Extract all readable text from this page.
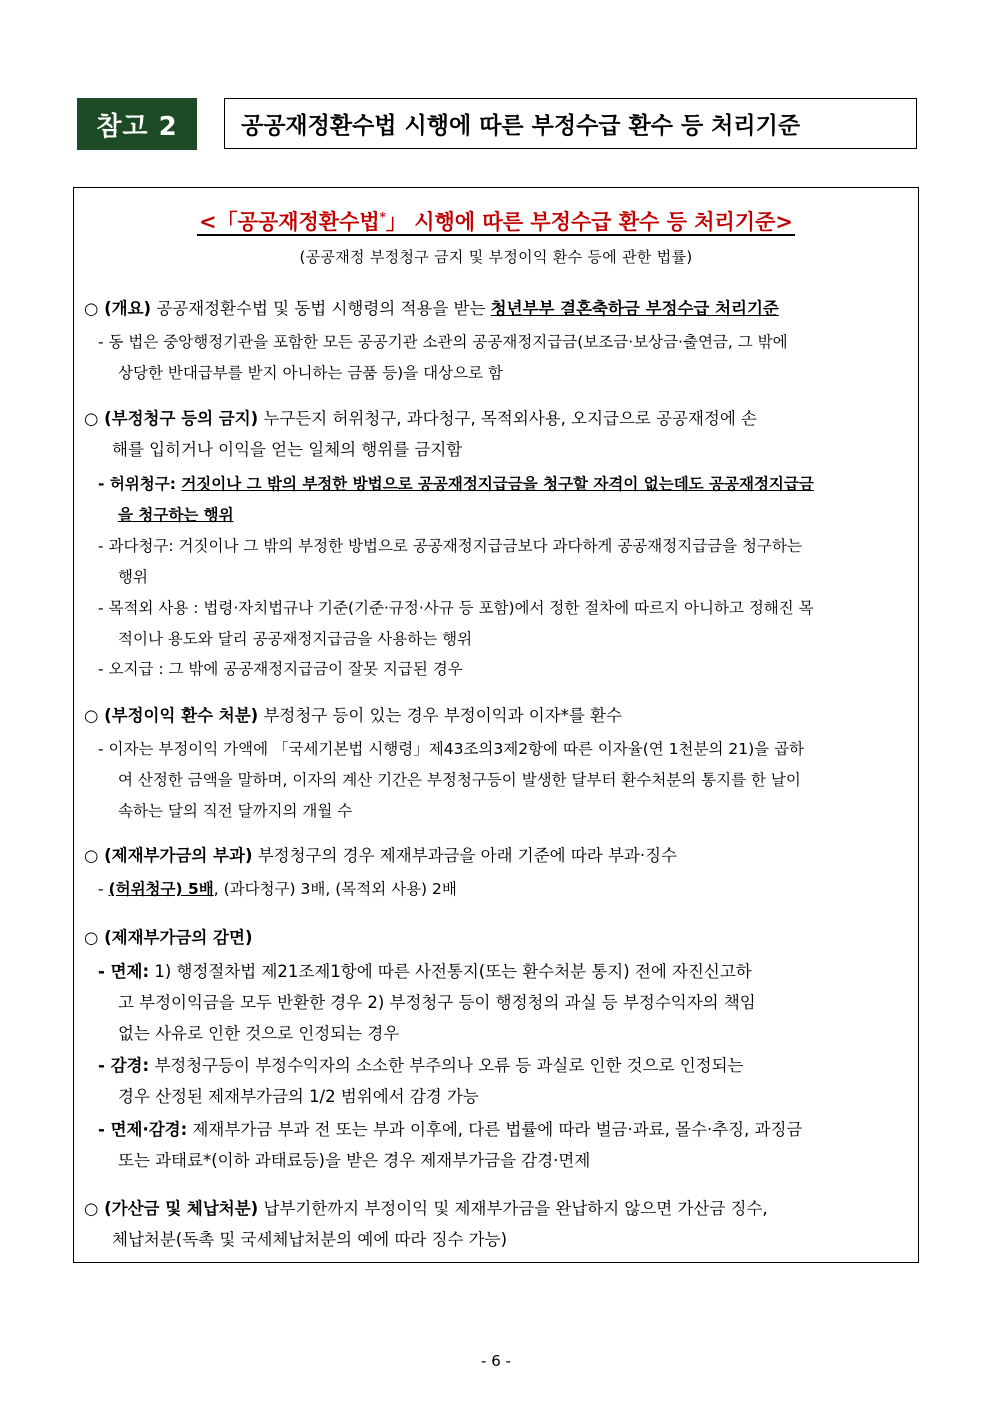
참고 2	공공재정환수법 시행에 따른 부정수급 환수 등 처리기준
<「공공재정환수법*」 시행에 따른 부정수급 환수 등 처리기준>
(공공재정 부정청구 금지 및 부정이익 환수 등에 관한 법률)
○ (개요) 공공재정환수법 및 동법 시행령의 적용을 받는 청년부부 결혼축하금 부정수급 처리기준
- 동 법은 중앙행정기관을 포함한 모든 공공기관 소관의 공공재정지급금(보조금·보상금·출연금, 그 밖에
상당한 반대급부를 받지 아니하는 금품 등)을 대상으로 함
○ (부정청구 등의 금지) 누구든지 허위청구, 과다청구, 목적외사용, 오지급으로 공공재정에 손
해를 입히거나 이익을 얻는 일체의 행위를 금지함
- 허위청구: 거짓이나 그 밖의 부정한 방법으로 공공재정지급금을 청구할 자격이 없는데도 공공재정지급금
을 청구하는 행위
- 과다청구: 거짓이나 그 밖의 부정한 방법으로 공공재정지급금보다 과다하게 공공재정지급금을 청구하는
행위
- 목적외 사용 : 법령·자치법규나 기준(기준·규정·사규 등 포함)에서 정한 절차에 따르지 아니하고 정해진 목
적이나 용도와 달리 공공재정지급금을 사용하는 행위
- 오지급 : 그 밖에 공공재정지급금이 잘못 지급된 경우
○ (부정이익 환수 처분) 부정청구 등이 있는 경우 부정이익과 이자*를 환수
- 이자는 부정이익 가액에 「국세기본법 시행령」제43조의3제2항에 따른 이자율(연 1천분의 21)을 곱하
여 산정한 금액을 말하며, 이자의 계산 기간은 부정청구등이 발생한 달부터 환수처분의 통지를 한 날이
속하는 달의 직전 달까지의 개월 수
○ (제재부가금의 부과) 부정청구의 경우 제재부과금을 아래 기준에 따라 부과·징수
- (허위청구) 5배, (과다청구) 3배, (목적외 사용) 2배
○ (제재부가금의 감면)
- 면제: 1) 행정절차법 제21조제1항에 따른 사전통지(또는 환수처분 통지) 전에 자진신고하
고 부정이익금을 모두 반환한 경우 2) 부정청구 등이 행정청의 과실 등 부정수익자의 책임
없는 사유로 인한 것으로 인정되는 경우
- 감경: 부정청구등이 부정수익자의 소소한 부주의나 오류 등 과실로 인한 것으로 인정되는
경우 산정된 제재부가금의 1/2 범위에서 감경 가능
- 면제·감경: 제재부가금 부과 전 또는 부과 이후에, 다른 법률에 따라 벌금·과료, 몰수·추징, 과징금
또는 과태료*(이하 과태료등)을 받은 경우 제재부가금을 감경·면제
○ (가산금 및 체납처분) 납부기한까지 부정이익 및 제재부가금을 완납하지 않으면 가산금 징수,
체납처분(독촉 및 국세체납처분의 예에 따라 징수 가능)
- 6 -
